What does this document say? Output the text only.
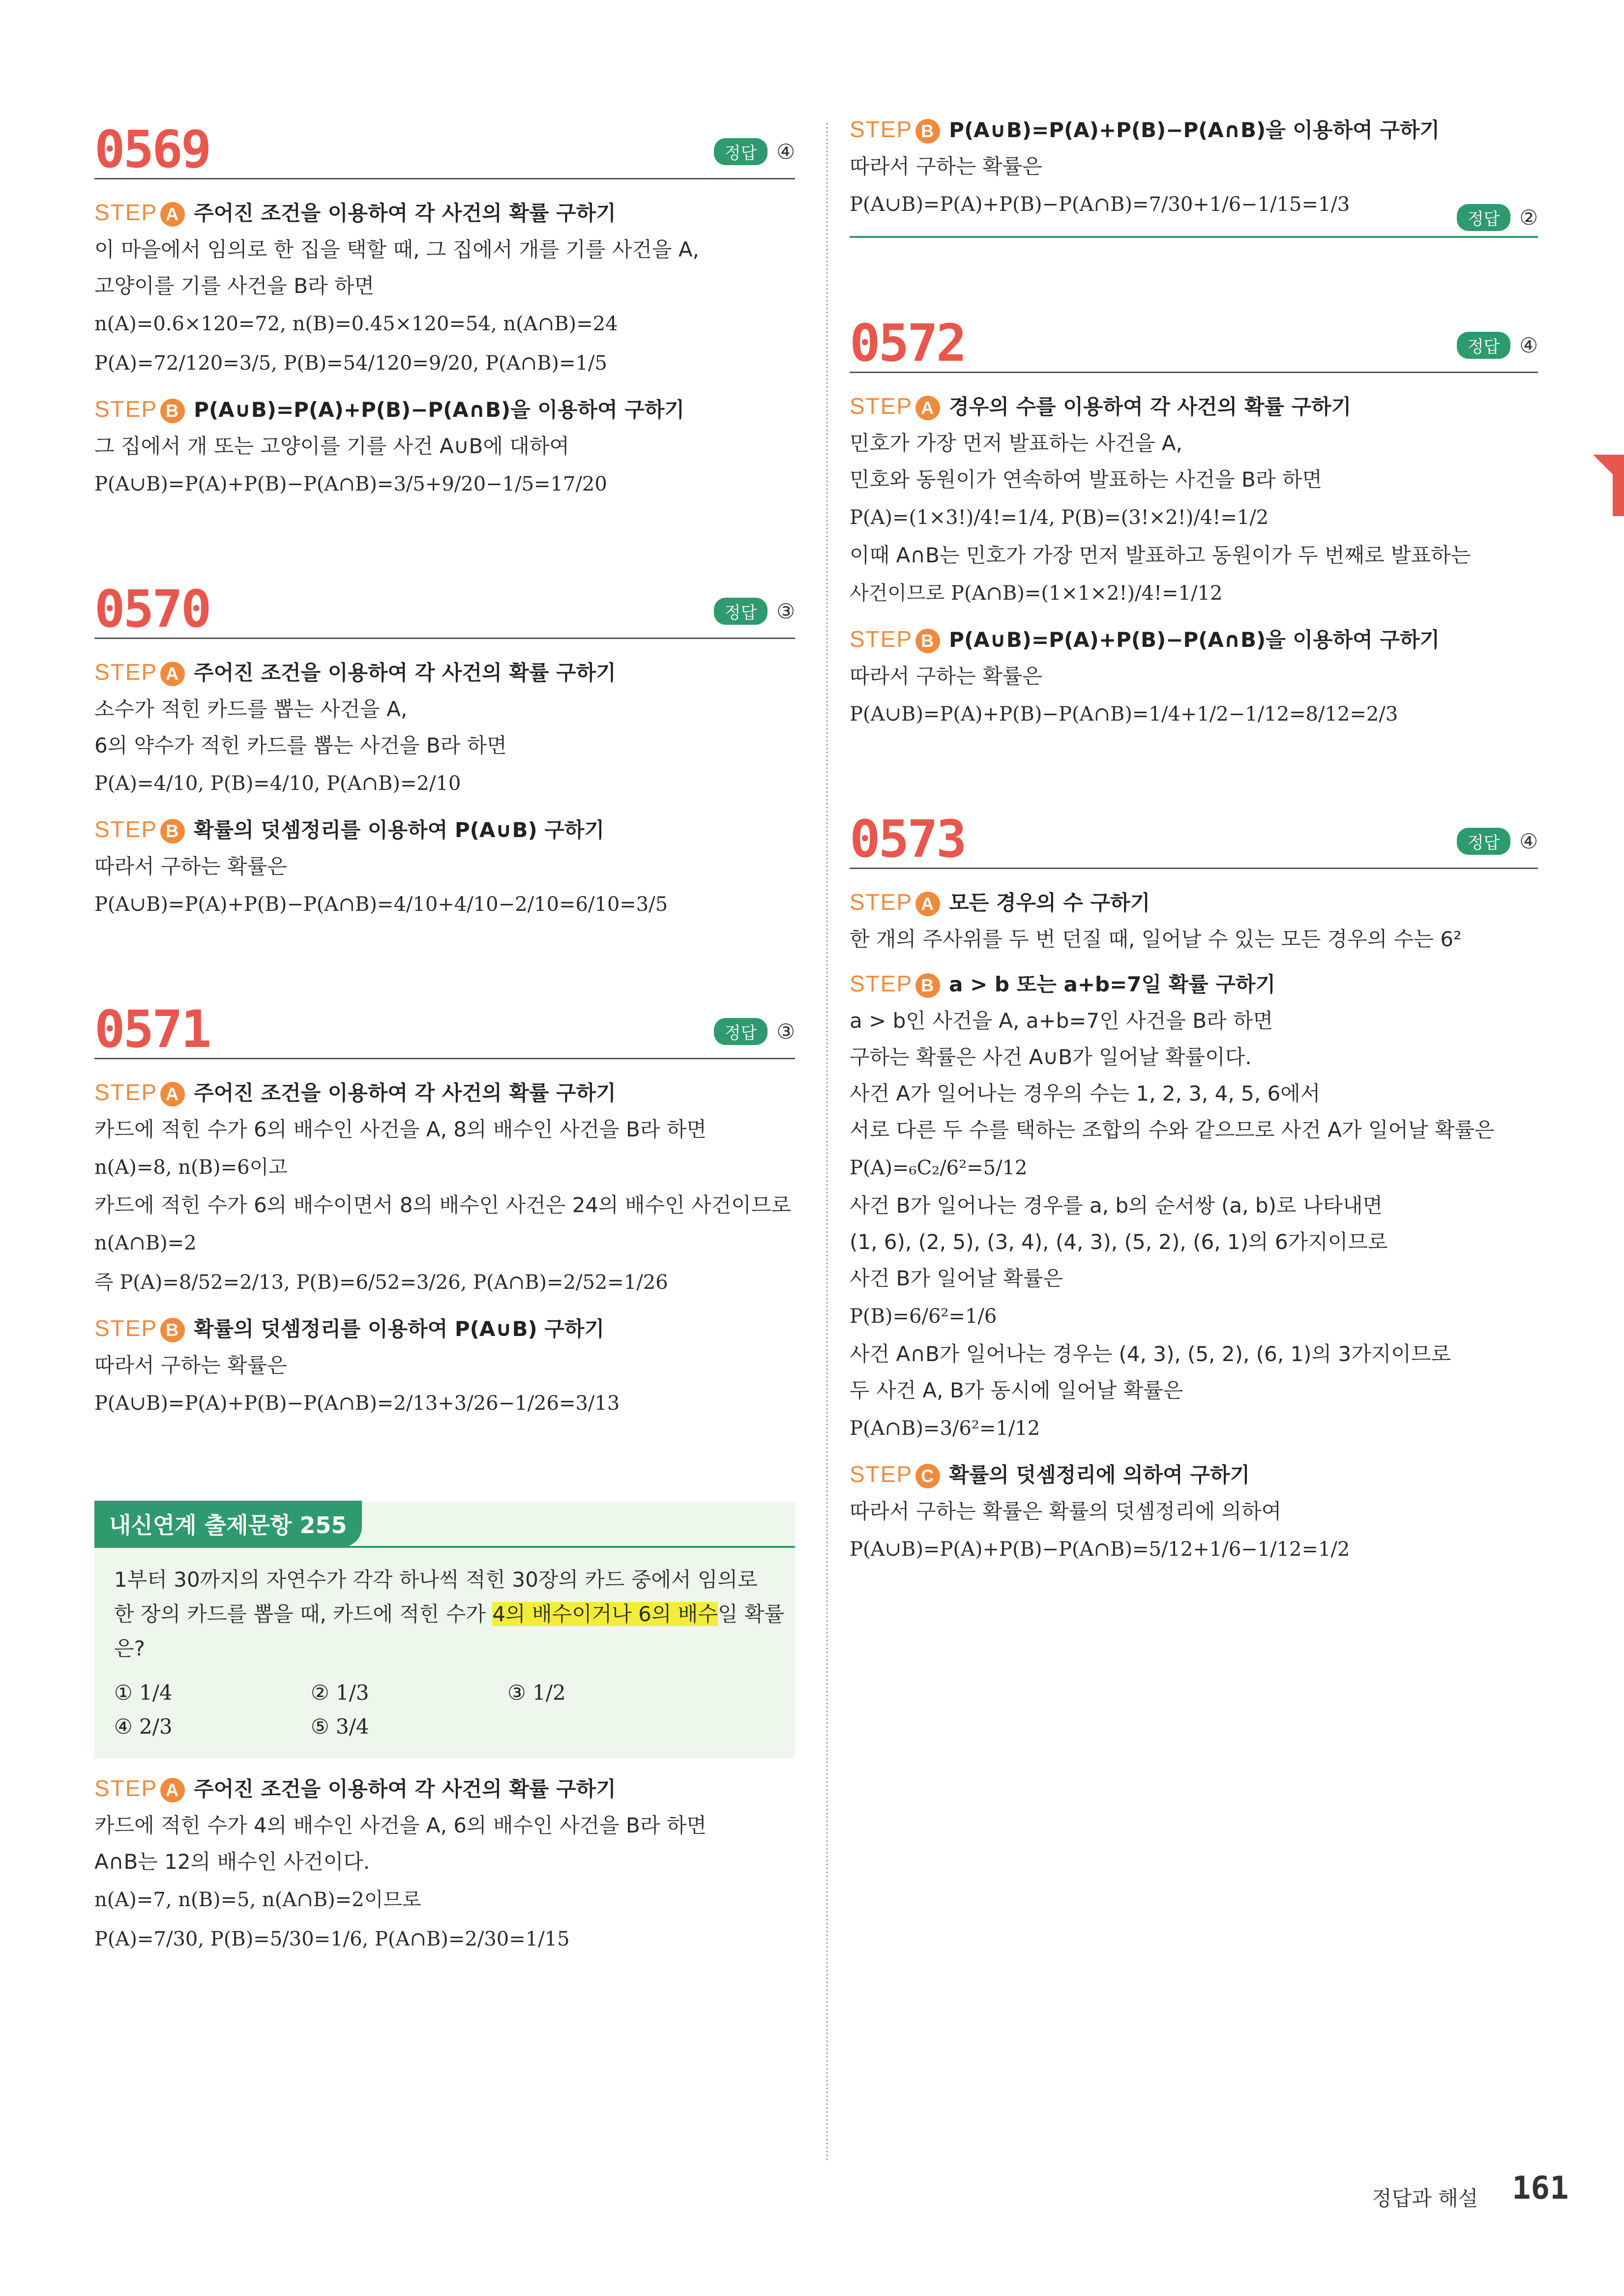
0569	정답 ④
STEP A 주어진 조건을 이용하여 각 사건의 확률 구하기
이 마을에서 임의로 한 집을 택할 때, 그 집에서 개를 기를 사건을 A,
고양이를 기를 사건을 B라 하면
n(A)=0.6×120=72, n(B)=0.45×120=54, n(A∩B)=24
P(A)=72/120=3/5, P(B)=54/120=9/20, P(A∩B)=1/5
STEP B P(A∪B)=P(A)+P(B)−P(A∩B)을 이용하여 구하기
그 집에서 개 또는 고양이를 기를 사건 A∪B에 대하여
P(A∪B)=P(A)+P(B)−P(A∩B)=3/5+9/20−1/5=17/20
0570	정답 ③
STEP A 주어진 조건을 이용하여 각 사건의 확률 구하기
소수가 적힌 카드를 뽑는 사건을 A,
6의 약수가 적힌 카드를 뽑는 사건을 B라 하면
P(A)=4/10, P(B)=4/10, P(A∩B)=2/10
STEP B 확률의 덧셈정리를 이용하여 P(A∪B) 구하기
따라서 구하는 확률은
P(A∪B)=P(A)+P(B)−P(A∩B)=4/10+4/10−2/10=6/10=3/5
0571	정답 ③
STEP A 주어진 조건을 이용하여 각 사건의 확률 구하기
카드에 적힌 수가 6의 배수인 사건을 A, 8의 배수인 사건을 B라 하면
n(A)=8, n(B)=6이고
카드에 적힌 수가 6의 배수이면서 8의 배수인 사건은 24의 배수인 사건이므로
n(A∩B)=2
즉 P(A)=8/52=2/13, P(B)=6/52=3/26, P(A∩B)=2/52=1/26
STEP B 확률의 덧셈정리를 이용하여 P(A∪B) 구하기
따라서 구하는 확률은
P(A∪B)=P(A)+P(B)−P(A∩B)=2/13+3/26−1/26=3/13
내신연계 출제문항 255
1부터 30까지의 자연수가 각각 하나씩 적힌 30장의 카드 중에서 임의로
한 장의 카드를 뽑을 때, 카드에 적힌 수가 4의 배수이거나 6의 배수일 확률
은?
① 1/4	② 1/3	③ 1/2
④ 2/3	⑤ 3/4
STEP A 주어진 조건을 이용하여 각 사건의 확률 구하기
카드에 적힌 수가 4의 배수인 사건을 A, 6의 배수인 사건을 B라 하면
A∩B는 12의 배수인 사건이다.
n(A)=7, n(B)=5, n(A∩B)=2이므로
P(A)=7/30, P(B)=5/30=1/6, P(A∩B)=2/30=1/15
STEP B P(A∪B)=P(A)+P(B)−P(A∩B)을 이용하여 구하기
따라서 구하는 확률은
P(A∪B)=P(A)+P(B)−P(A∩B)=7/30+1/6−1/15=1/3
정답 ②
0572	정답 ④
STEP A 경우의 수를 이용하여 각 사건의 확률 구하기
민호가 가장 먼저 발표하는 사건을 A,
민호와 동원이가 연속하여 발표하는 사건을 B라 하면
P(A)=(1×3!)/4!=1/4, P(B)=(3!×2!)/4!=1/2
이때 A∩B는 민호가 가장 먼저 발표하고 동원이가 두 번째로 발표하는
사건이므로 P(A∩B)=(1×1×2!)/4!=1/12
STEP B P(A∪B)=P(A)+P(B)−P(A∩B)을 이용하여 구하기
따라서 구하는 확률은
P(A∪B)=P(A)+P(B)−P(A∩B)=1/4+1/2−1/12=8/12=2/3
0573	정답 ④
STEP A 모든 경우의 수 구하기
한 개의 주사위를 두 번 던질 때, 일어날 수 있는 모든 경우의 수는 6²
STEP B a > b 또는 a+b=7일 확률 구하기
a > b인 사건을 A, a+b=7인 사건을 B라 하면
구하는 확률은 사건 A∪B가 일어날 확률이다.
사건 A가 일어나는 경우의 수는 1, 2, 3, 4, 5, 6에서
서로 다른 두 수를 택하는 조합의 수와 같으므로 사건 A가 일어날 확률은
P(A)=₆C₂/6²=5/12
사건 B가 일어나는 경우를 a, b의 순서쌍 (a, b)로 나타내면
(1, 6), (2, 5), (3, 4), (4, 3), (5, 2), (6, 1)의 6가지이므로
사건 B가 일어날 확률은
P(B)=6/6²=1/6
사건 A∩B가 일어나는 경우는 (4, 3), (5, 2), (6, 1)의 3가지이므로
두 사건 A, B가 동시에 일어날 확률은
P(A∩B)=3/6²=1/12
STEP C 확률의 덧셈정리에 의하여 구하기
따라서 구하는 확률은 확률의 덧셈정리에 의하여
P(A∪B)=P(A)+P(B)−P(A∩B)=5/12+1/6−1/12=1/2
정답과 해설 161
